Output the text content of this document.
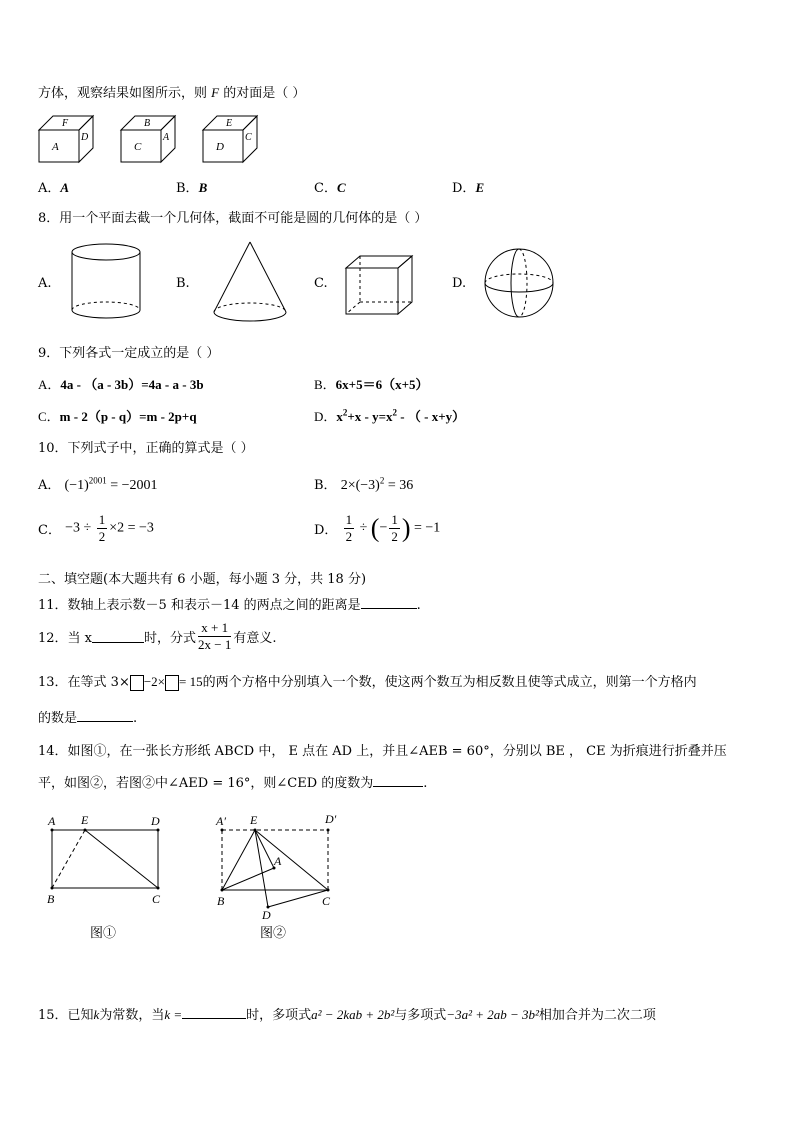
方体，观察结果如图所示，则 F 的对面是（ ）
F
A
D
B
C
A
E
D
C
A．A	B．B	C．C	D．E
8．用一个平面去截一个几何体，截面不可能是圆的几何体的是（ ）
A.	B.	C.	D.
9．下列各式一定成立的是（ ）
A．4a - （a - 3b）=4a - a - 3b	B．6x+5＝6（x+5）
C．m - 2（p - q）=m - 2p+q	D．$x^2+x - y=x^2$ - （ - x+y）
10．下列式子中，正确的算式是（ ）
A． $(-1)^{2001} = -2001$	B． $2\times(-3)^2 = 36$
C． $-3 \div \frac{1}{2} \times 2 = -3$	D． $\frac{1}{2}$ ÷ (− $\frac{1}{2}$ ) = −1
二、填空题(本大题共有 6 小题，每小题 3 分，共 18 分)
11．数轴上表示数－5 和表示－14 的两点之间的距离是	.
12．当 x	时，分式 $\frac{x + 1}{2x - 1}$ 有意义.
13．在等式 3× −2× = 15的两个方格中分别填入一个数，使这两个数互为相反数且使等式成立，则第一个方格内
的数是	.
14．如图①，在一张长方形纸 ABCD 中， E 点在 AD 上，并且∠AEB = 60°，分别以 BE ， CE 为折痕进行折叠并压
平，如图②，若图②中∠AED = 16°，则∠CED 的度数为	.
A E	D
B	C
图①
A′ E	D′
A
B	C
D
图②
15．已知k为常数，当k =	时，多项式a² − 2kab + 2b²与多项式−3a² + 2ab − 3b²相加合并为二次二项
